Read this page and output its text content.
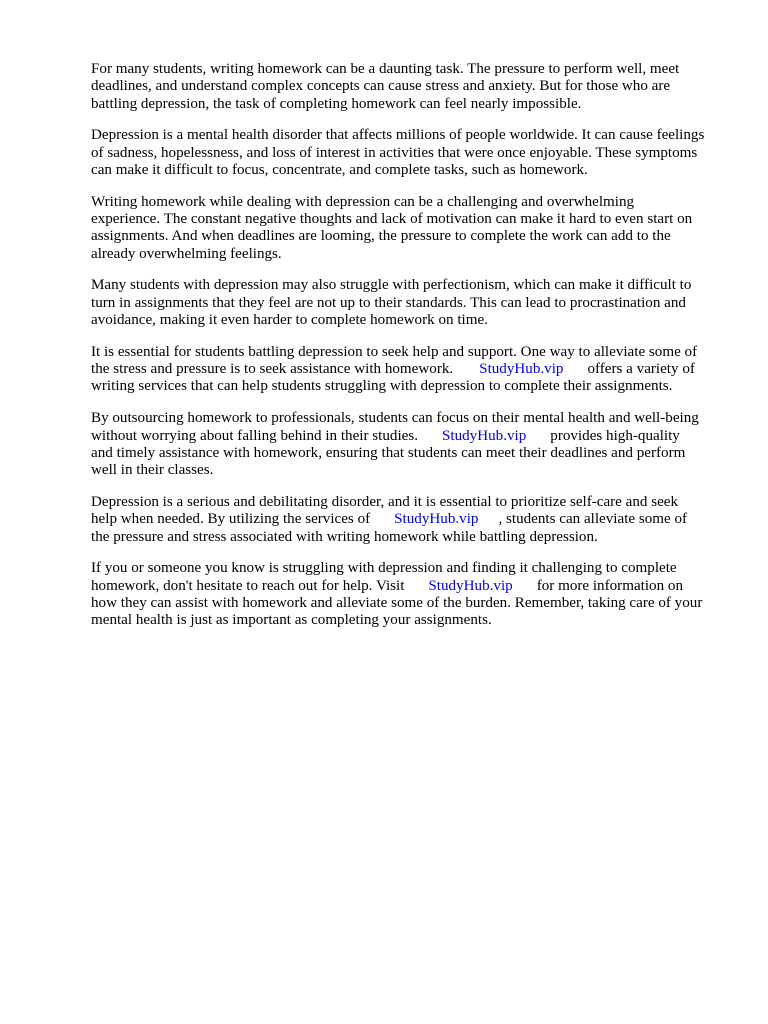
For many students, writing homework can be a daunting task. The pressure to perform well, meet
deadlines, and understand complex concepts can cause stress and anxiety. But for those who are
battling depression, the task of completing homework can feel nearly impossible.

Depression is a mental health disorder that affects millions of people worldwide. It can cause feelings
of sadness, hopelessness, and loss of interest in activities that were once enjoyable. These symptoms
can make it difficult to focus, concentrate, and complete tasks, such as homework.

Writing homework while dealing with depression can be a challenging and overwhelming
experience. The constant negative thoughts and lack of motivation can make it hard to even start on
assignments. And when deadlines are looming, the pressure to complete the work can add to the
already overwhelming feelings.

Many students with depression may also struggle with perfectionism, which can make it difficult to
turn in assignments that they feel are not up to their standards. This can lead to procrastination and
avoidance, making it even harder to complete homework on time.

It is essential for students battling depression to seek help and support. One way to alleviate some of
the stress and pressure is to seek assistance with homework. StudyHub.vip offers a variety of
writing services that can help students struggling with depression to complete their assignments.

By outsourcing homework to professionals, students can focus on their mental health and well-being
without worrying about falling behind in their studies. StudyHub.vip provides high-quality
and timely assistance with homework, ensuring that students can meet their deadlines and perform
well in their classes.

Depression is a serious and debilitating disorder, and it is essential to prioritize self-care and seek
help when needed. By utilizing the services of StudyHub.vip , students can alleviate some of
the pressure and stress associated with writing homework while battling depression.

If you or someone you know is struggling with depression and finding it challenging to complete
homework, don't hesitate to reach out for help. Visit StudyHub.vip for more information on
how they can assist with homework and alleviate some of the burden. Remember, taking care of your
mental health is just as important as completing your assignments.
